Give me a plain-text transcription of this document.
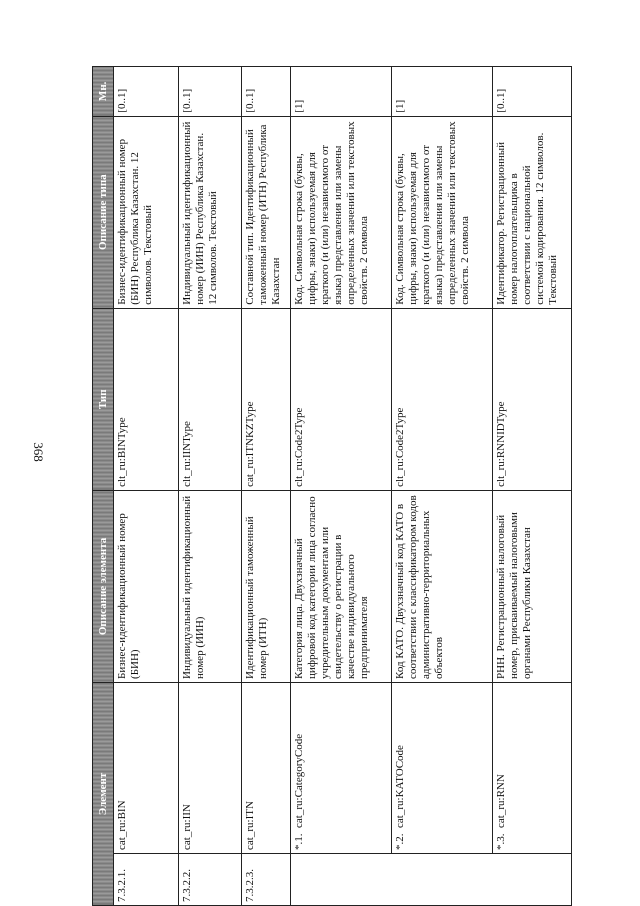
368
Элемент		Описание элемента	Тип	Описание типа	Мн.
7.3.2.1.	cat_ru:BIN	Бизнес-идентификационный номер (БИН)	clt_ru:BINType	Бизнес-идентификационный номер (БИН) Республика Казахстан. 12 символов. Текстовый	[0..1]
7.3.2.2.	cat_ru:IIN	Индивидуальный идентификационный номер (ИИН)	clt_ru:IINType	Индивидуальный идентификационный номер (ИИН) Республика Казахстан. 12 символов. Текстовый	[0..1]
7.3.2.3.	cat_ru:ITN	Идентификационный таможенный номер (ИТН)	cat_ru:ITNKZType	Составной тип. Идентификационный таможенный номер (ИТН) Республика Казахстан	[0..1]
	*.1.  cat_ru:CategoryCode	Категория лица. Двухзначный цифровой код категории лица согласно учредительным документам или свидетельству о регистрации в качестве индивидуального предпринимателя	clt_ru:Code2Type	Код. Символьная строка (буквы, цифры, знаки) используемая для краткого (и (или) независимого от языка) представления или замены определенных значений или текстовых свойств. 2 символа	[1]
	*.2.  cat_ru:KATOCode	Код КАТО. Двухзначный код КАТО в соответствии с классификатором кодов административно-территориальных объектов	clt_ru:Code2Type	Код. Символьная строка (буквы, цифры, знаки) используемая для краткого (и (или) независимого от языка) представления или замены определенных значений или текстовых свойств. 2 символа	[1]
	*.3.  cat_ru:RNN	РНН. Регистрационный налоговый номер, присваиваемый налоговыми органами Республики Казахстан	clt_ru:RNNIDType	Идентификатор. Регистрационный номер налогоплательщика в соответствии с национальной системой кодирования. 12 символов. Текстовый	[0..1]
